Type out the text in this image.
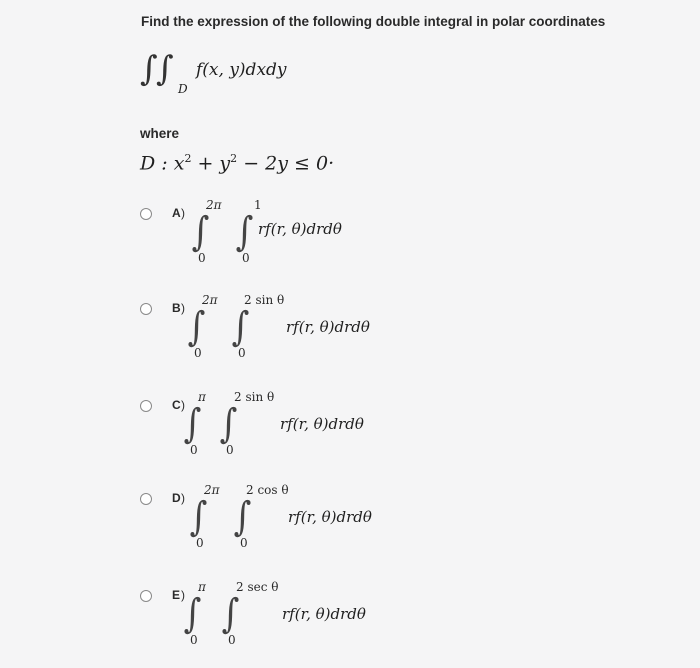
Find the expression of the following double integral in polar coordinates
∫
∫ D
f(x, y)dxdy
where
D : $x^2 + y^2 - 2y \le 0\cdot$
A ) ∫
2π
0
∫
1
0
rf(r, θ)drdθ
B ) ∫
2π
0
∫
2 sin θ
0
rf(r, θ)drdθ
C )
∫
π
0
∫
2 sin θ
0
rf(r, θ)drdθ
D ) ∫
2π
0
∫
2 cos θ
0
rf(r, θ)drdθ
E )
∫
π
0
∫
2 sec θ
0
rf(r, θ)drdθ
